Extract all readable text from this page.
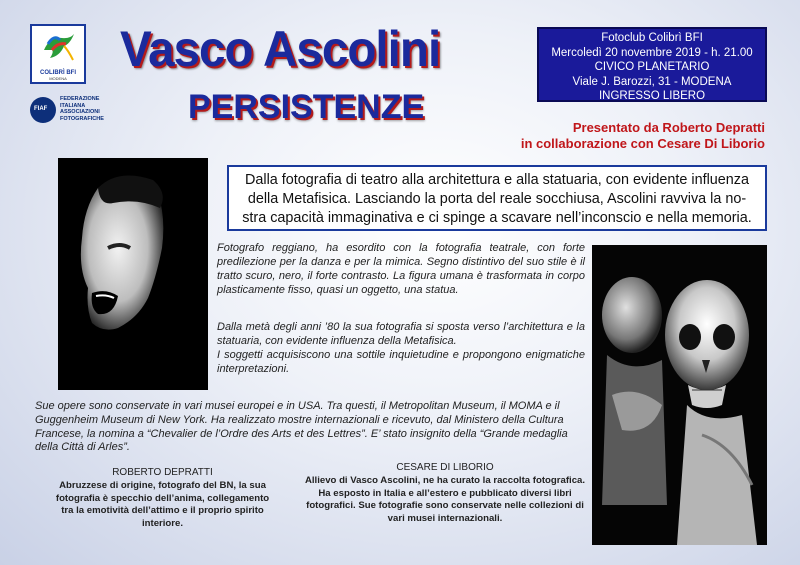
COLIBRÌ BFI
MODENA
FIAF
FEDERAZIONE
ITALIANA
ASSOCIAZIONI
FOTOGRAFICHE
Vasco Ascolini
PERSISTENZE
Fotoclub Colibrì BFI
Mercoledì 20 novembre 2019 - h. 21.00
CIVICO PLANETARIO
Viale J. Barozzi, 31 - MODENA
INGRESSO LIBERO
Presentato da Roberto Depratti
in collaborazione con Cesare Di Liborio
Dalla fotografia di teatro alla architettura e alla statuaria, con evidente influenza
della Metafisica. Lasciando la porta del reale socchiusa, Ascolini ravviva la no-
stra capacità immaginativa e ci spinge a scavare nell’inconscio e nella memoria.
Fotografo reggiano, ha esordito con la fotografia teatrale, con forte predilezione per la danza e per la mimica. Segno distintivo del suo stile è il tratto scuro, nero, il forte contrasto. La figura umana è trasformata in corpo plasticamente fisso, quasi un oggetto, una statua.
Dalla metà degli anni ’80 la sua fotografia si sposta verso l’architettura e la statuaria, con evidente influenza della Metafisica.
I soggetti acquisiscono una sottile inquietudine e propongono enigmatiche interpretazioni.
Sue opere sono conservate in vari musei europei e in USA. Tra questi, il Metropolitan Museum, il MOMA e il Guggenheim Museum di New York. Ha realizzato mostre internazionali e ricevuto, dal Ministero della Cultura Francese, la nomina a “Chevalier de l’Ordre des Arts et des Lettres”. E’ stato insignito della “Grande medaglia della Città di Arles”.
ROBERTO DEPRATTI
Abruzzese di origine, fotografo del BN, la sua fotografia è specchio dell’anima, collegamento tra la emotività dell’attimo e il proprio spirito interiore.
CESARE DI LIBORIO
Allievo di Vasco Ascolini, ne ha curato la raccolta fotografica. Ha esposto in Italia e all’estero e pubblicato diversi libri fotografici. Sue fotografie sono conservate nelle collezioni di vari musei internazionali.
